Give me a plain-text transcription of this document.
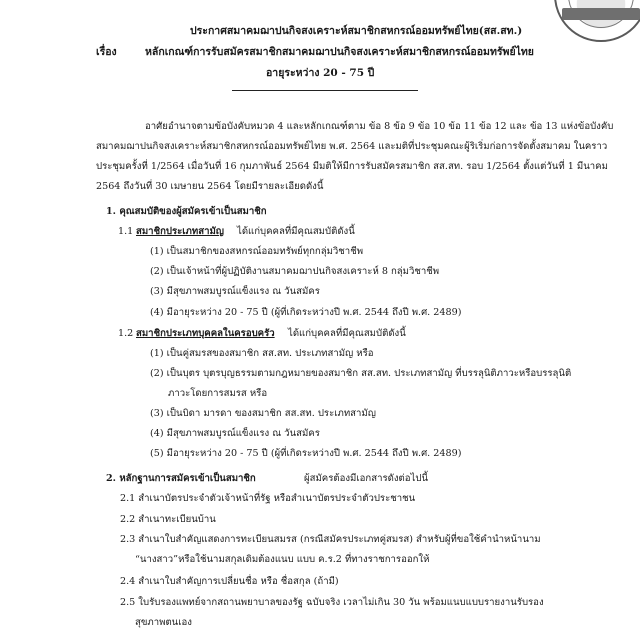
ประกาศสมาคมฌาปนกิจสงเคราะห์สมาชิกสหกรณ์ออมทรัพย์ไทย(สส.สท.)
เรื่อง	หลักเกณฑ์การรับสมัครสมาชิกสมาคมฌาปนกิจสงเคราะห์สมาชิกสหกรณ์ออมทรัพย์ไทย
อายุระหว่าง 20 - 75 ปี
อาศัยอำนาจตามข้อบังคับหมวด 4 และหลักเกณฑ์ตาม ข้อ 8 ข้อ 9 ข้อ 10 ข้อ 11 ข้อ 12 และ ข้อ 13 แห่งข้อบังคับ
สมาคมฌาปนกิจสงเคราะห์สมาชิกสหกรณ์ออมทรัพย์ไทย พ.ศ. 2564 และมติที่ประชุมคณะผู้ริเริ่มก่อการจัดตั้งสมาคม ในคราว
ประชุมครั้งที่ 1/2564 เมื่อวันที่ 16 กุมภาพันธ์ 2564 มีมติให้มีการรับสมัครสมาชิก สส.สท. รอบ 1/2564 ตั้งแต่วันที่ 1 มีนาคม
2564 ถึงวันที่ 30 เมษายน 2564 โดยมีรายละเอียดดังนี้
1. คุณสมบัติของผู้สมัครเข้าเป็นสมาชิก
1.1 สมาชิกประเภทสามัญ ได้แก่บุคคลที่มีคุณสมบัติดังนี้
(1) เป็นสมาชิกของสหกรณ์ออมทรัพย์ทุกกลุ่มวิชาชีพ
(2) เป็นเจ้าหน้าที่ผู้ปฏิบัติงานสมาคมฌาปนกิจสงเคราะห์ 8 กลุ่มวิชาชีพ
(3) มีสุขภาพสมบูรณ์แข็งแรง ณ วันสมัคร
(4) มีอายุระหว่าง 20 - 75 ปี (ผู้ที่เกิดระหว่างปี พ.ศ. 2544 ถึงปี พ.ศ. 2489)
1.2 สมาชิกประเภทบุคคลในครอบครัว ได้แก่บุคคลที่มีคุณสมบัติดังนี้
(1) เป็นคู่สมรสของสมาชิก สส.สท. ประเภทสามัญ หรือ
(2) เป็นบุตร บุตรบุญธรรมตามกฎหมายของสมาชิก สส.สท. ประเภทสามัญ ที่บรรลุนิติภาวะหรือบรรลุนิติ
ภาวะโดยการสมรส หรือ
(3) เป็นบิดา มารดา ของสมาชิก สส.สท. ประเภทสามัญ
(4) มีสุขภาพสมบูรณ์แข็งแรง ณ วันสมัคร
(5) มีอายุระหว่าง 20 - 75 ปี (ผู้ที่เกิดระหว่างปี พ.ศ. 2544 ถึงปี พ.ศ. 2489)
2. หลักฐานการสมัครเข้าเป็นสมาชิก	ผู้สมัครต้องมีเอกสารดังต่อไปนี้
2.1 สำเนาบัตรประจำตัวเจ้าหน้าที่รัฐ หรือสำเนาบัตรประจำตัวประชาชน
2.2 สำเนาทะเบียนบ้าน
2.3 สำเนาใบสำคัญแสดงการทะเบียนสมรส (กรณีสมัครประเภทคู่สมรส) สำหรับผู้ที่ขอใช้คำนำหน้านาม
“นางสาว”หรือใช้นามสกุลเดิมต้องแนบ แบบ ค.ร.2 ที่ทางราชการออกให้
2.4 สำเนาใบสำคัญการเปลี่ยนชื่อ หรือ ชื่อสกุล (ถ้ามี)
2.5 ใบรับรองแพทย์จากสถานพยาบาลของรัฐ ฉบับจริง เวลาไม่เกิน 30 วัน พร้อมแนบแบบรายงานรับรอง
สุขภาพตนเอง
